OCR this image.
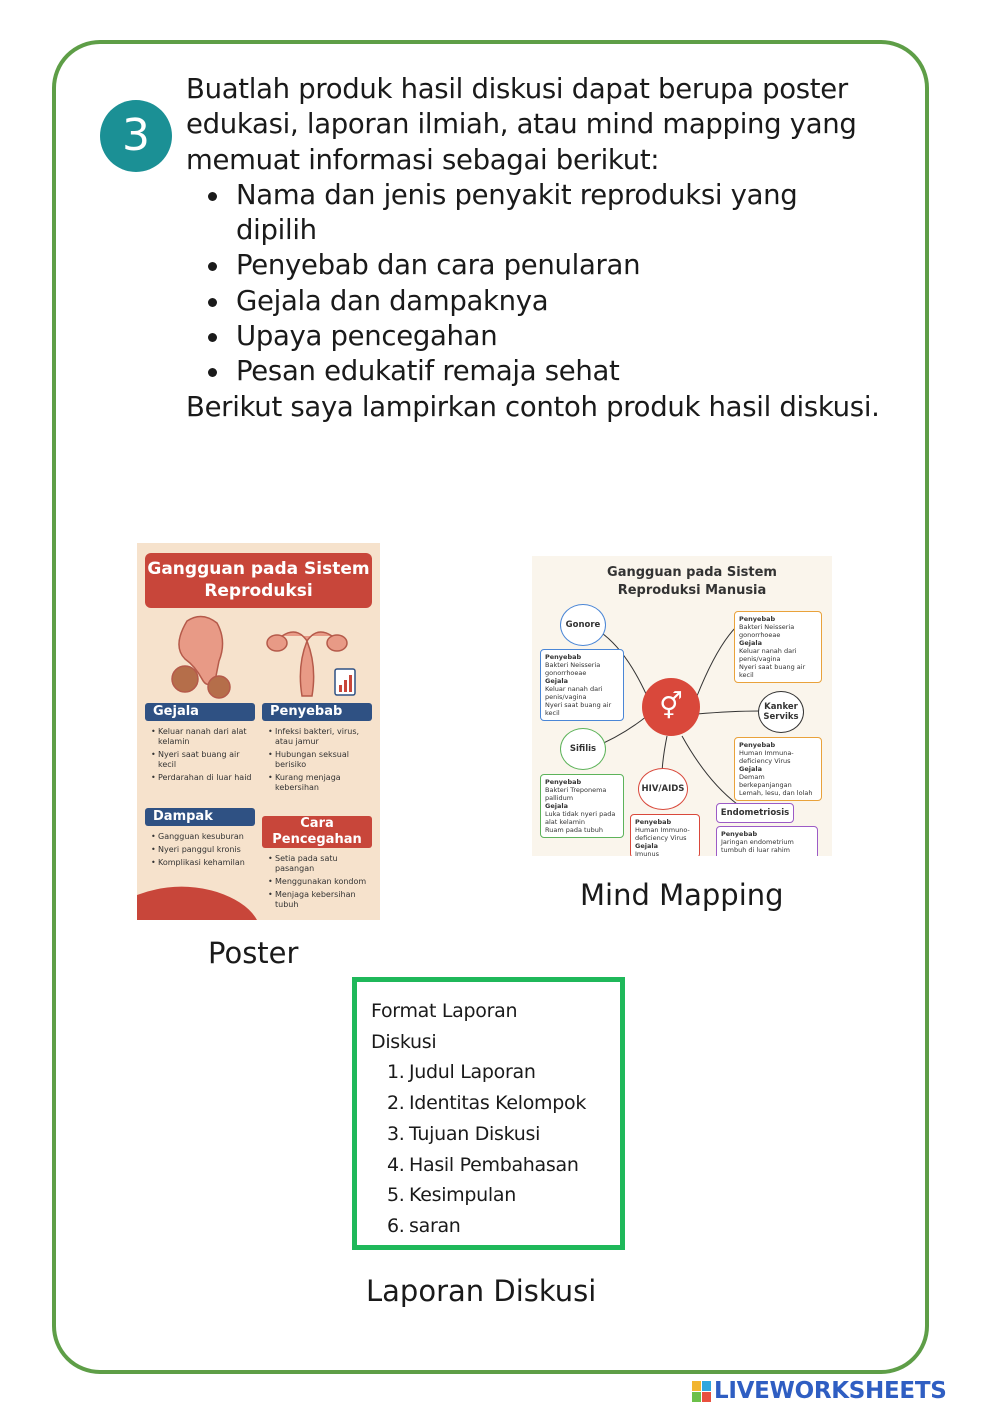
3

Buatlah produk hasil diskusi dapat berupa poster edukasi, laporan ilmiah, atau mind mapping yang memuat informasi sebagai berikut:

Nama dan jenis penyakit reproduksi yang dipilih
Penyebab dan cara penularan
Gejala dan dampaknya
Upaya pencegahan
Pesan edukatif remaja sehat

Berikut saya lampirkan contoh produk hasil diskusi.

Gangguan pada Sistem Reproduksi
Gejala
• Keluar nanah dari alat kelamin
• Nyeri saat buang air kecil
• Perdarahan di luar haid
Penyebab
• Infeksi bakteri, virus, atau jamur
• Hubungan seksual berisiko
• Kurang menjaga kebersihan
Dampak
• Gangguan kesuburan
• Nyeri panggul kronis
• Komplikasi kehamilan
Cara Pencegahan
• Setia pada satu pasangan
• Menggunakan kondom
• Menjaga kebersihan tubuh
Poster
Gangguan pada Sistem Reproduksi Manusia
⚥
Gonore
Sifilis
HIV/AIDS
Kanker Serviks
Endometriosis
Penyebab
Bakteri Neisseria gonorrhoeae
Gejala
Keluar nanah dari penis/vagina
Nyeri saat buang air kecil
Penyebab
Bakteri Neisseria gonorrhoeae
Gejala
Keluar nanah dari penis/vagina
Nyeri saat buang air kecil
Penyebab
Bakteri Treponema pallidum
Gejala
Luka tidak nyeri pada alat kelamin
Ruam pada tubuh
Penyebab
Human Immuna-deficiency Virus
Gejala
Demam berkepanjangan
Lemah, lesu, dan lolah
Penyebab
Human Immuno-deficiency Virus
Gejala
Imunus
Penyebab
Jaringan endometrium tumbuh di luar rahim
Mind Mapping
Format Laporan Diskusi
1. Judul Laporan
2. Identitas Kelompok
3. Tujuan Diskusi
4. Hasil Pembahasan
5. Kesimpulan
6. saran
Laporan Diskusi
LIVEWORKSHEETS
